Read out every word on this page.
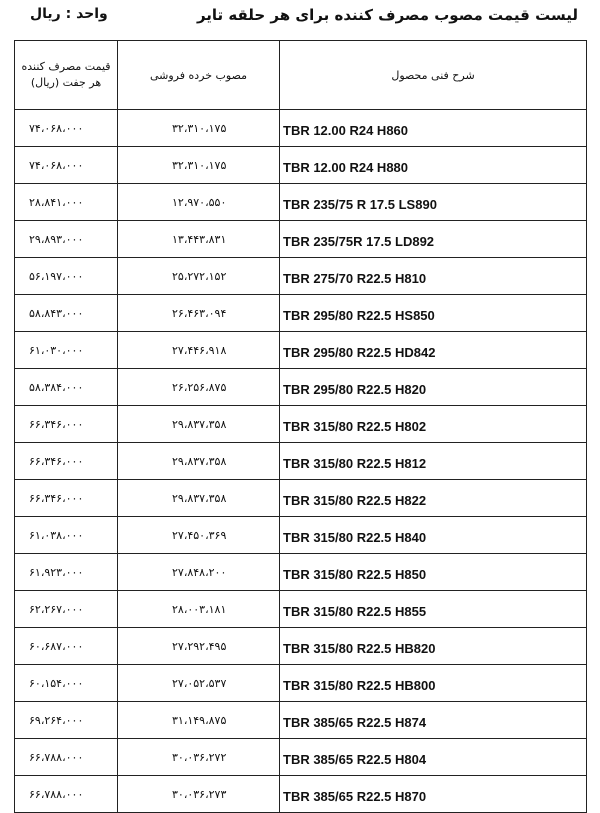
لیست قیمت مصوب مصرف کننده برای هر حلقه تایر
واحد : ریال
قیمت مصرف کننده
هر جفت (ریال)	مصوب خرده فروشی	شرح فنی محصول
۷۴،۰۶۸،۰۰۰	۳۲،۳۱۰،۱۷۵	TBR 12.00 R24 H860
۷۴،۰۶۸،۰۰۰	۳۲،۳۱۰،۱۷۵	TBR 12.00 R24 H880
۲۸،۸۴۱،۰۰۰	۱۲،۹۷۰،۵۵۰	TBR 235/75 R 17.5 LS890
۲۹،۸۹۳،۰۰۰	۱۳،۴۴۳،۸۳۱	TBR 235/75R 17.5 LD892
۵۶،۱۹۷،۰۰۰	۲۵،۲۷۲،۱۵۲	TBR 275/70 R22.5 H810
۵۸،۸۴۳،۰۰۰	۲۶،۴۶۳،۰۹۴	TBR 295/80 R22.5 HS850
۶۱،۰۳۰،۰۰۰	۲۷،۴۴۶،۹۱۸	TBR 295/80 R22.5 HD842
۵۸،۳۸۴،۰۰۰	۲۶،۲۵۶،۸۷۵	TBR 295/80 R22.5 H820
۶۶،۳۴۶،۰۰۰	۲۹،۸۳۷،۳۵۸	TBR 315/80 R22.5 H802
۶۶،۳۴۶،۰۰۰	۲۹،۸۳۷،۳۵۸	TBR 315/80 R22.5 H812
۶۶،۳۴۶،۰۰۰	۲۹،۸۳۷،۳۵۸	TBR 315/80 R22.5 H822
۶۱،۰۳۸،۰۰۰	۲۷،۴۵۰،۳۶۹	TBR 315/80 R22.5 H840
۶۱،۹۲۳،۰۰۰	۲۷،۸۴۸،۲۰۰	TBR 315/80 R22.5 H850
۶۲،۲۶۷،۰۰۰	۲۸،۰۰۳،۱۸۱	TBR 315/80 R22.5 H855
۶۰،۶۸۷،۰۰۰	۲۷،۲۹۲،۴۹۵	TBR 315/80 R22.5 HB820
۶۰،۱۵۴،۰۰۰	۲۷،۰۵۲،۵۳۷	TBR 315/80 R22.5 HB800
۶۹،۲۶۴،۰۰۰	۳۱،۱۴۹،۸۷۵	TBR 385/65 R22.5 H874
۶۶،۷۸۸،۰۰۰	۳۰،۰۳۶،۲۷۲	TBR 385/65 R22.5 H804
۶۶،۷۸۸،۰۰۰	۳۰،۰۳۶،۲۷۳	TBR 385/65 R22.5 H870
